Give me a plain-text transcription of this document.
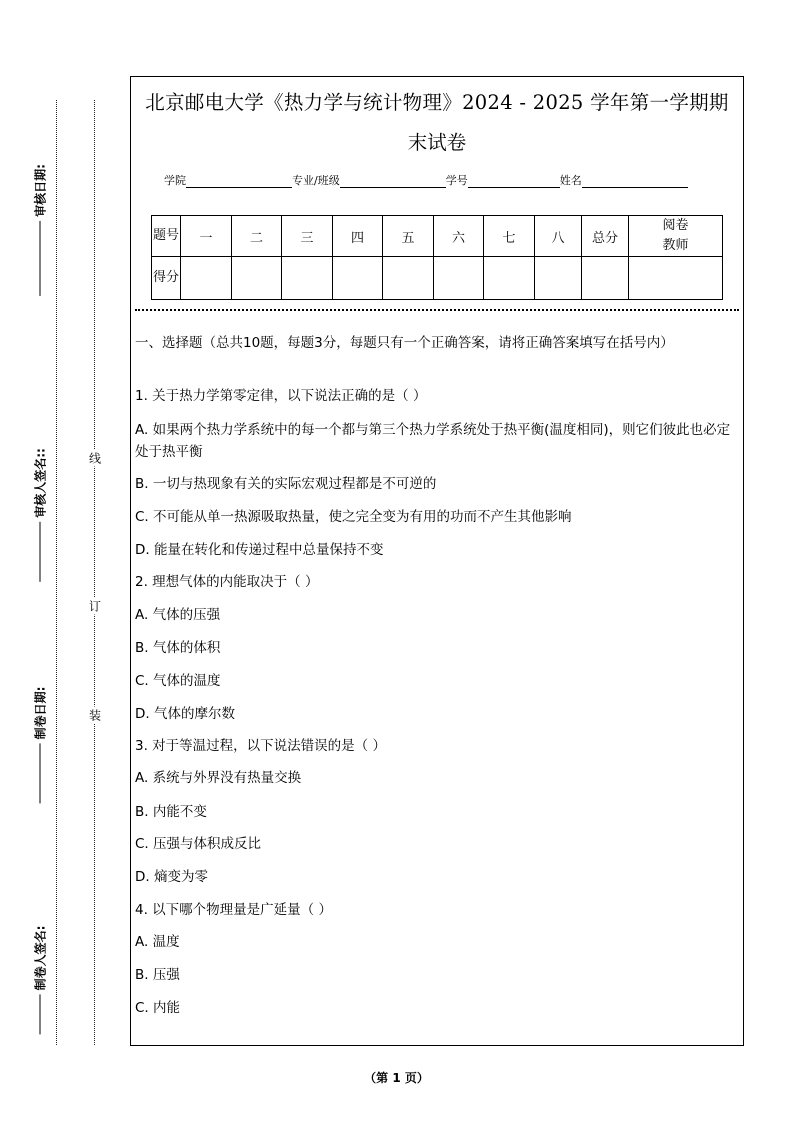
审核日期:
审核人签名::
制卷日期:
制卷人签名:
线
订
装
北京邮电大学《热力学与统计物理》2024 - 2025 学年第一学期期
末试卷
学院	专业/班级	学号	姓名
题号	一	二	三	四	五	六	七	八	总分	阅卷教师

得分										

一、选择题（总共10题，每题3分，每题只有一个正确答案，请将正确答案填写在括号内）

1. 关于热力学第零定律，以下说法正确的是（ ）

A. 如果两个热力学系统中的每一个都与第三个热力学系统处于热平衡(温度相同)，则它们彼此也必定处于热平衡

B. 一切与热现象有关的实际宏观过程都是不可逆的

C. 不可能从单一热源吸取热量，使之完全变为有用的功而不产生其他影响

D. 能量在转化和传递过程中总量保持不变

2. 理想气体的内能取决于（ ）

A. 气体的压强

B. 气体的体积

C. 气体的温度

D. 气体的摩尔数

3. 对于等温过程，以下说法错误的是（ ）

A. 系统与外界没有热量交换

B. 内能不变

C. 压强与体积成反比

D. 熵变为零

4. 以下哪个物理量是广延量（ ）

A. 温度

B. 压强

C. 内能

（第 1 页）
